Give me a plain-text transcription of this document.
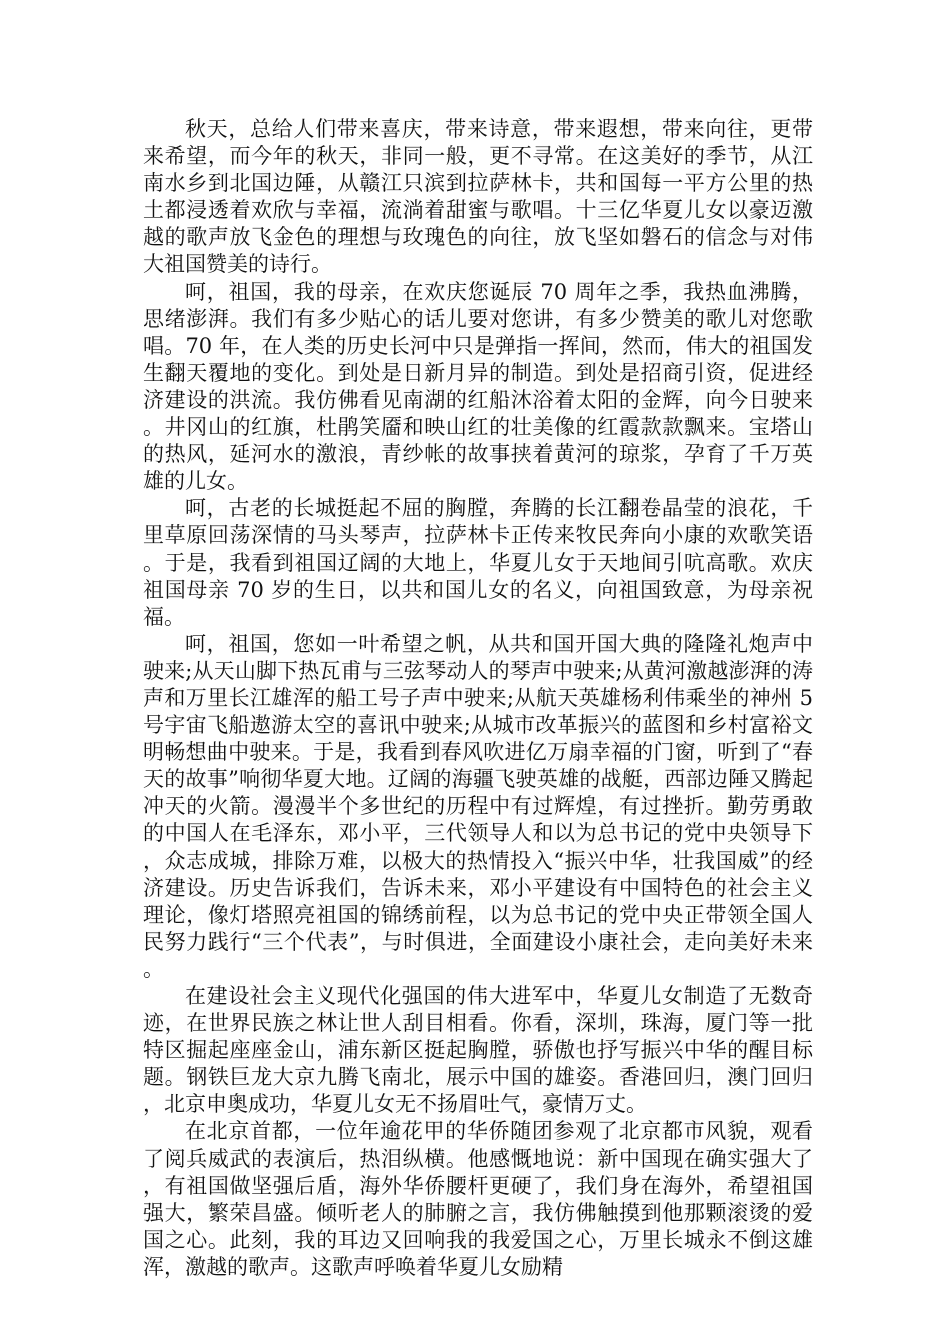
秋天，总给人们带来喜庆，带来诗意，带来遐想，带来向往，更带来希望，而今年的秋天，非同一般，更不寻常。在这美好的季节，从江南水乡到北国边陲，从赣江只滨到拉萨林卡，共和国每一平方公里的热土都浸透着欢欣与幸福，流淌着甜蜜与歌唱。十三亿华夏儿女以豪迈激越的歌声放飞金色的理想与玫瑰色的向往，放飞坚如磐石的信念与对伟大祖国赞美的诗行。

呵，祖国，我的母亲，在欢庆您诞辰 70 周年之季，我热血沸腾，思绪澎湃。我们有多少贴心的话儿要对您讲，有多少赞美的歌儿对您歌唱。70 年，在人类的历史长河中只是弹指一挥间，然而，伟大的祖国发生翻天覆地的变化。到处是日新月异的制造。到处是招商引资，促进经济建设的洪流。我仿佛看见南湖的红船沐浴着太阳的金辉，向今日驶来。井冈山的红旗，杜鹃笑靥和映山红的壮美像的红霞款款飘来。宝塔山的热风，延河水的激浪，青纱帐的故事挟着黄河的琼浆，孕育了千万英雄的儿女。

呵，古老的长城挺起不屈的胸膛，奔腾的长江翻卷晶莹的浪花，千里草原回荡深情的马头琴声，拉萨林卡正传来牧民奔向小康的欢歌笑语。于是，我看到祖国辽阔的大地上，华夏儿女于天地间引吭高歌。欢庆祖国母亲 70 岁的生日，以共和国儿女的名义，向祖国致意，为母亲祝福。

呵，祖国，您如一叶希望之帆，从共和国开国大典的隆隆礼炮声中驶来;从天山脚下热瓦甫与三弦琴动人的琴声中驶来;从黄河激越澎湃的涛声和万里长江雄浑的船工号子声中驶来;从航天英雄杨利伟乘坐的神州 5 号宇宙飞船遨游太空的喜讯中驶来;从城市改革振兴的蓝图和乡村富裕文明畅想曲中驶来。于是，我看到春风吹进亿万扇幸福的门窗，听到了“春天的故事”响彻华夏大地。辽阔的海疆飞驶英雄的战艇，西部边陲又腾起冲天的火箭。漫漫半个多世纪的历程中有过辉煌，有过挫折。勤劳勇敢的中国人在毛泽东，邓小平，三代领导人和以为总书记的党中央领导下，众志成城，排除万难，以极大的热情投入“振兴中华，壮我国威”的经济建设。历史告诉我们，告诉未来，邓小平建设有中国特色的社会主义理论，像灯塔照亮祖国的锦绣前程，以为总书记的党中央正带领全国人民努力践行“三个代表”，与时俱进，全面建设小康社会，走向美好未来。

在建设社会主义现代化强国的伟大进军中，华夏儿女制造了无数奇迹，在世界民族之林让世人刮目相看。你看，深圳，珠海，厦门等一批特区掘起座座金山，浦东新区挺起胸膛，骄傲也抒写振兴中华的醒目标题。钢铁巨龙大京九腾飞南北，展示中国的雄姿。香港回归，澳门回归，北京申奥成功，华夏儿女无不扬眉吐气，豪情万丈。

在北京首都，一位年逾花甲的华侨随团参观了北京都市风貌，观看了阅兵威武的表演后，热泪纵横。他感慨地说：新中国现在确实强大了，有祖国做坚强后盾，海外华侨腰杆更硬了，我们身在海外，希望祖国强大，繁荣昌盛。倾听老人的肺腑之言，我仿佛触摸到他那颗滚烫的爱国之心。此刻，我的耳边又回响我的我爱国之心，万里长城永不倒这雄浑，激越的歌声。这歌声呼唤着华夏儿女励精
